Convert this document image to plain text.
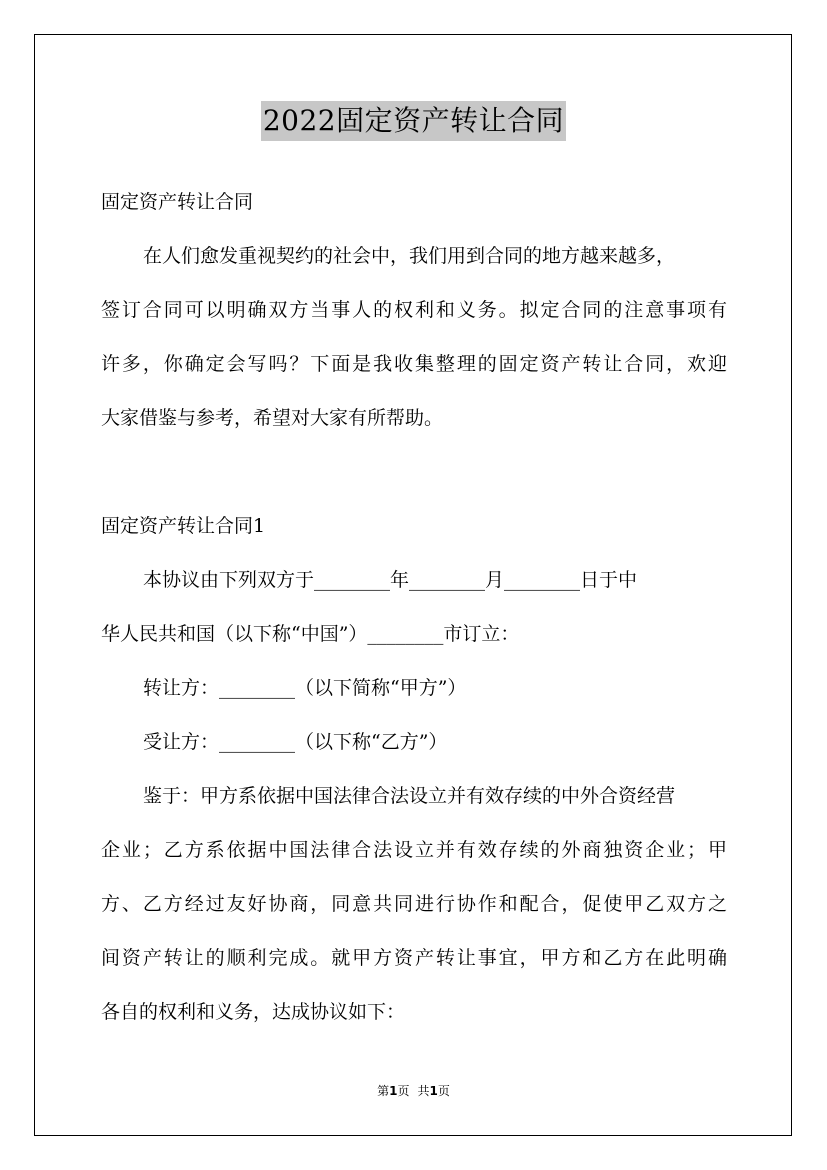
2022固定资产转让合同
固定资产转让合同
在人们愈发重视契约的社会中，我们用到合同的地方越来越多，
签订合同可以明确双方当事人的权利和义务。拟定合同的注意事项有
许多，你确定会写吗？下面是我收集整理的固定资产转让合同，欢迎
大家借鉴与参考，希望对大家有所帮助。
固定资产转让合同1
本协议由下列双方于________年________月________日于中
华人民共和国（以下称“中国”）________市订立：
转让方：________（以下简称“甲方”）
受让方：________（以下称“乙方”）
鉴于：甲方系依据中国法律合法设立并有效存续的中外合资经营
企业；乙方系依据中国法律合法设立并有效存续的外商独资企业；甲
方、乙方经过友好协商，同意共同进行协作和配合，促使甲乙双方之
间资产转让的顺利完成。就甲方资产转让事宜，甲方和乙方在此明确
各自的权利和义务，达成协议如下：
第1页 共1页
